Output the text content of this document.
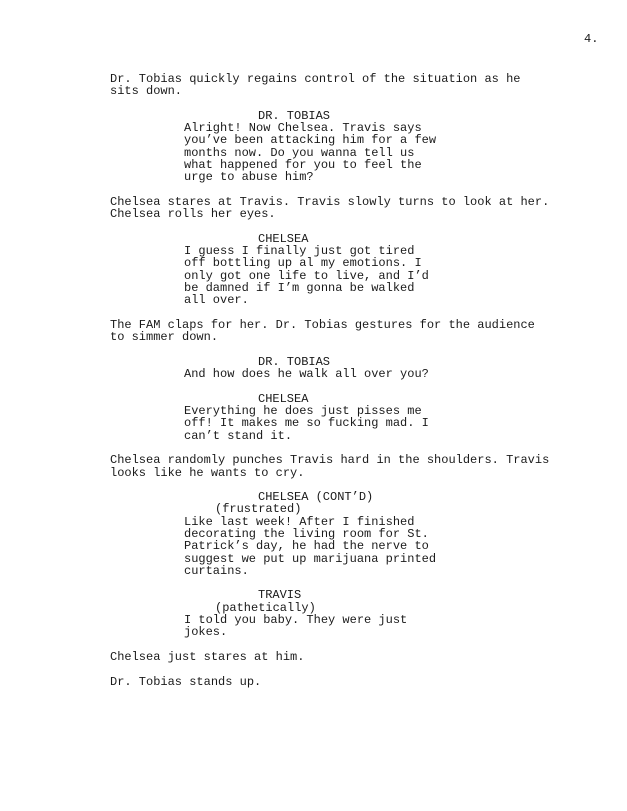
4.
Dr. Tobias quickly regains control of the situation as he
sits down.
DR. TOBIAS
Alright! Now Chelsea. Travis says
you’ve been attacking him for a few
months now. Do you wanna tell us
what happened for you to feel the
urge to abuse him?
Chelsea stares at Travis. Travis slowly turns to look at her.
Chelsea rolls her eyes.
CHELSEA
I guess I finally just got tired
off bottling up al my emotions. I
only got one life to live, and I’d
be damned if I’m gonna be walked
all over.
The FAM claps for her. Dr. Tobias gestures for the audience
to simmer down.
DR. TOBIAS
And how does he walk all over you?
CHELSEA
Everything he does just pisses me
off! It makes me so fucking mad. I
can’t stand it.
Chelsea randomly punches Travis hard in the shoulders. Travis
looks like he wants to cry.
CHELSEA (CONT’D)
(frustrated)
Like last week! After I finished
decorating the living room for St.
Patrick’s day, he had the nerve to
suggest we put up marijuana printed
curtains.
TRAVIS
(pathetically)
I told you baby. They were just
jokes.
Chelsea just stares at him.
Dr. Tobias stands up.
